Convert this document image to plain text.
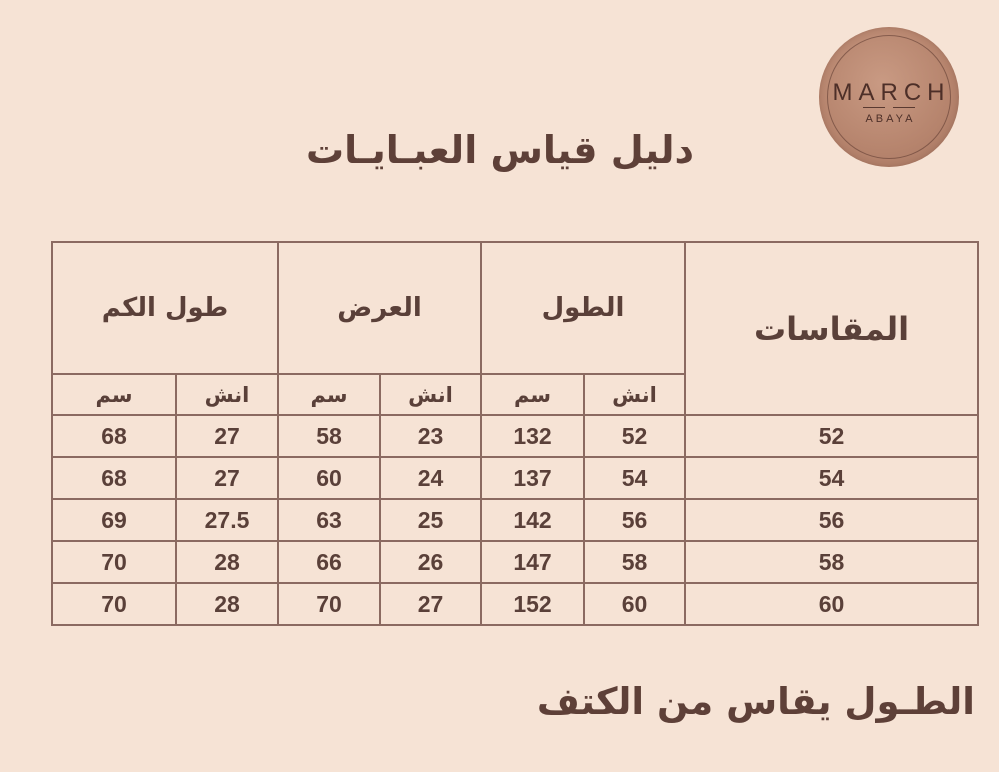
MARCH
ABAYA
دليل قياس العبـايـات
المقاسات	الطول		العرض		طول الكم	
	انش	سم	انش	سم	انش	سم
52	52	132	23	58	27	68
54	54	137	24	60	27	68
56	56	142	25	63	27.5	69
58	58	147	26	66	28	70
60	60	152	27	70	28	70
الطـول يقاس من الكتف
